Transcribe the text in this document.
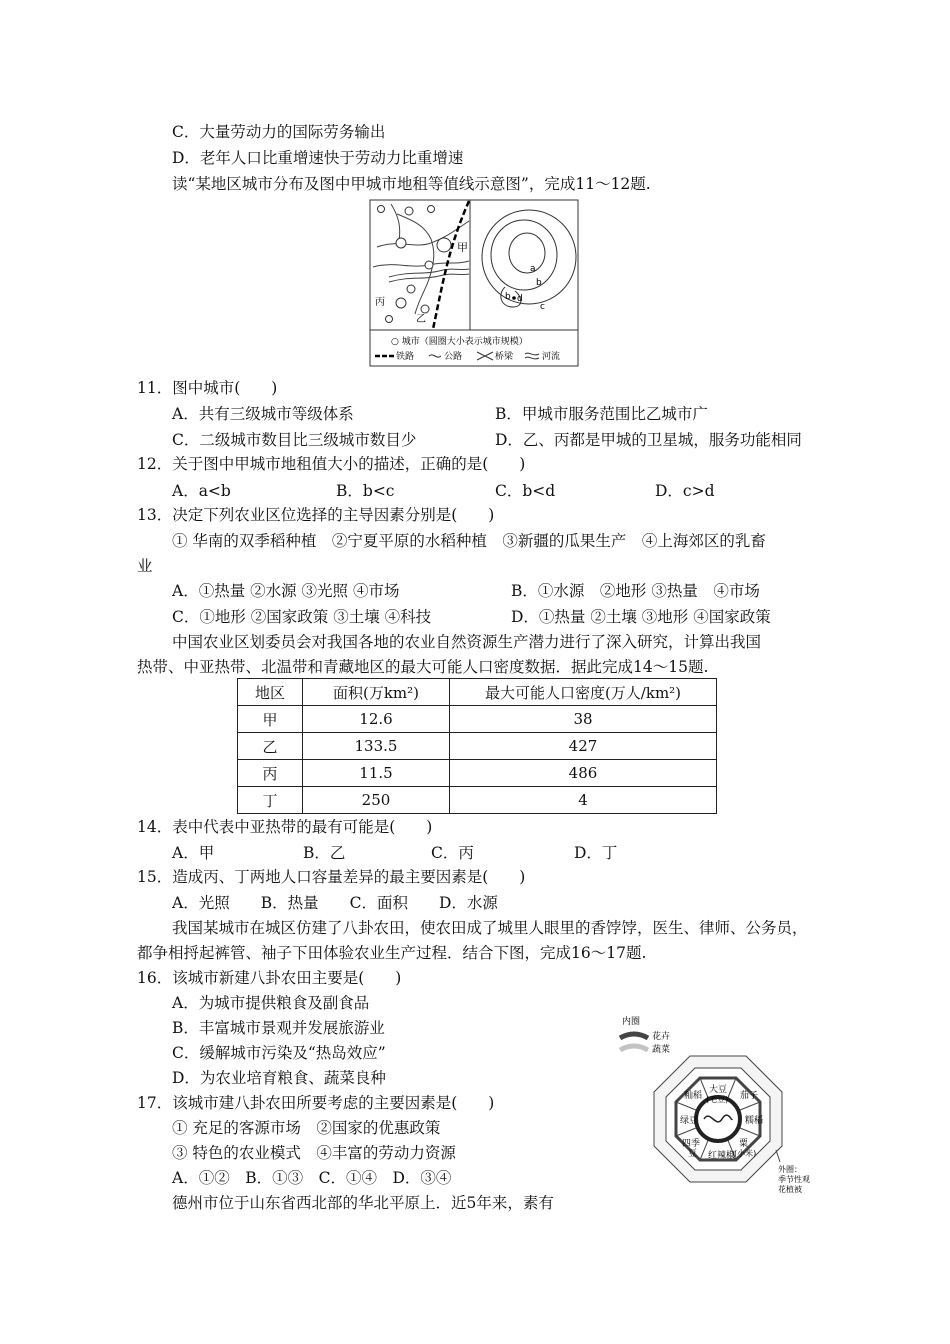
C．大量劳动力的国际劳务输出
D．老年人口比重增速快于劳动力比重增速
读“某地区城市分布及图中甲城市地租等值线示意图”，完成11～12题.
甲
乙
丙
a
b
b d
c
○ 城市（圆圈大小表示城市规模）
铁路	公路	桥梁	河流
11．图中城市(　　)
A．共有三级城市等级体系	B．甲城市服务范围比乙城市广
C．二级城市数目比三级城市数目少	D．乙、丙都是甲城的卫星城，服务功能相同
12．关于图中甲城市地租值大小的描述，正确的是(　　)
A．a<b	B．b<c	C．b<d	D．c>d
13．决定下列农业区位选择的主导因素分别是(　　)
① 华南的双季稻种植　②宁夏平原的水稻种植　③新疆的瓜果生产　④上海郊区的乳畜
业
A．①热量 ②水源 ③光照 ④市场	B．①水源　②地形 ③热量　④市场
C．①地形 ②国家政策 ③土壤 ④科技	D．①热量 ②土壤 ③地形 ④国家政策
中国农业区划委员会对我国各地的农业自然资源生产潜力进行了深入研究，计算出我国
热带、中亚热带、北温带和青藏地区的最大可能人口密度数据．据此完成14～15题.
地区	面积(万km²)	最大可能人口密度(万人/km²)
甲	12.6	38
乙	133.5	427
丙	11.5	486
丁	250	4
14．表中代表中亚热带的最有可能是(　　)
A．甲	B．乙	C．丙	D．丁
15．造成丙、丁两地人口容量差异的最主要因素是(　　)
A．光照　　B．热量　　C．面积　　D．水源
我国某城市在城区仿建了八卦农田，使农田成了城里人眼里的香饽饽，医生、律师、公务员，
都争相捋起裤管、袖子下田体验农业生产过程．结合下图，完成16～17题.
16．该城市新建八卦农田主要是(　　)
A．为城市提供粮食及副食品
B．丰富城市景观并发展旅游业
C．缓解城市污染及“热岛效应”
D．为农业培育粮食、蔬菜良种
17．该城市建八卦农田所要考虑的主要因素是(　　)
① 充足的客源市场　②国家的优惠政策
③ 特色的农业模式　④丰富的劳动力资源
A．①②　B．①③　C．①④　D．③④
德州市位于山东省西北部的华北平原上．近5年来，素有
内圈
花卉
蔬菜
大豆
(毛豆) 茄子
糯稻
粟
(小米)
红辣椒
四季
豆
绿豆
籼稻
外圈：
季节性观
花植被
